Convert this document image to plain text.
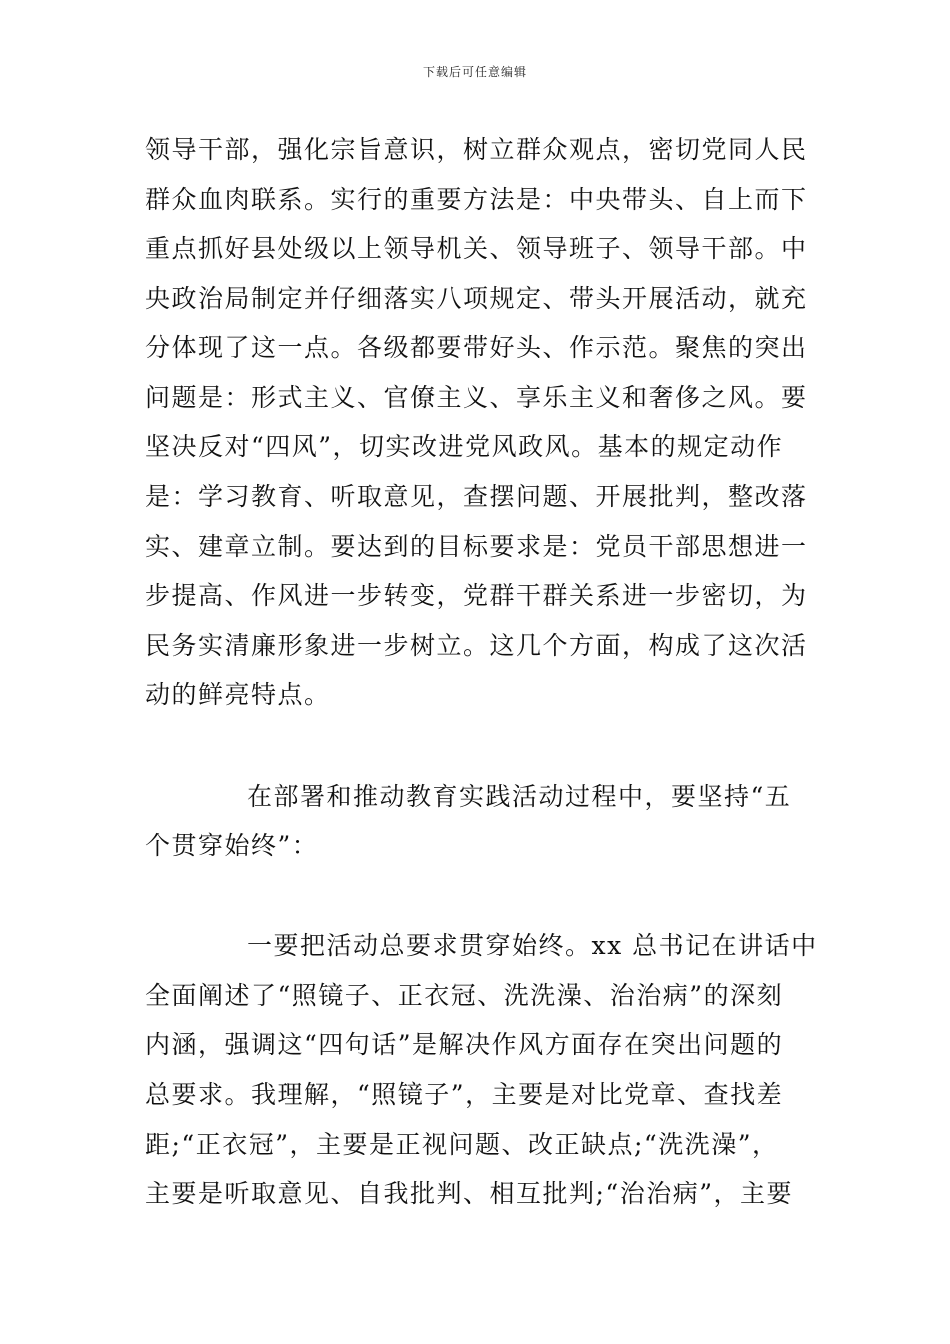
下载后可任意编辑
领导干部，强化宗旨意识，树立群众观点，密切党同人民
群众血肉联系。实行的重要方法是：中央带头、自上而下
重点抓好县处级以上领导机关、领导班子、领导干部。中
央政治局制定并仔细落实八项规定、带头开展活动，就充
分体现了这一点。各级都要带好头、作示范。聚焦的突出
问题是：形式主义、官僚主义、享乐主义和奢侈之风。要
坚决反对“四风”，切实改进党风政风。基本的规定动作
是：学习教育、听取意见，查摆问题、开展批判，整改落
实、建章立制。要达到的目标要求是：党员干部思想进一
步提高、作风进一步转变，党群干群关系进一步密切，为
民务实清廉形象进一步树立。这几个方面，构成了这次活
动的鲜亮特点。
在部署和推动教育实践活动过程中，要坚持“五
个贯穿始终”：
一要把活动总要求贯穿始终。xx 总书记在讲话中
全面阐述了“照镜子、正衣冠、洗洗澡、治治病”的深刻
内涵，强调这“四句话”是解决作风方面存在突出问题的
总要求。我理解，“照镜子”，主要是对比党章、查找差
距;“正衣冠”，主要是正视问题、改正缺点;“洗洗澡”，
主要是听取意见、自我批判、相互批判;“治治病”，主要
